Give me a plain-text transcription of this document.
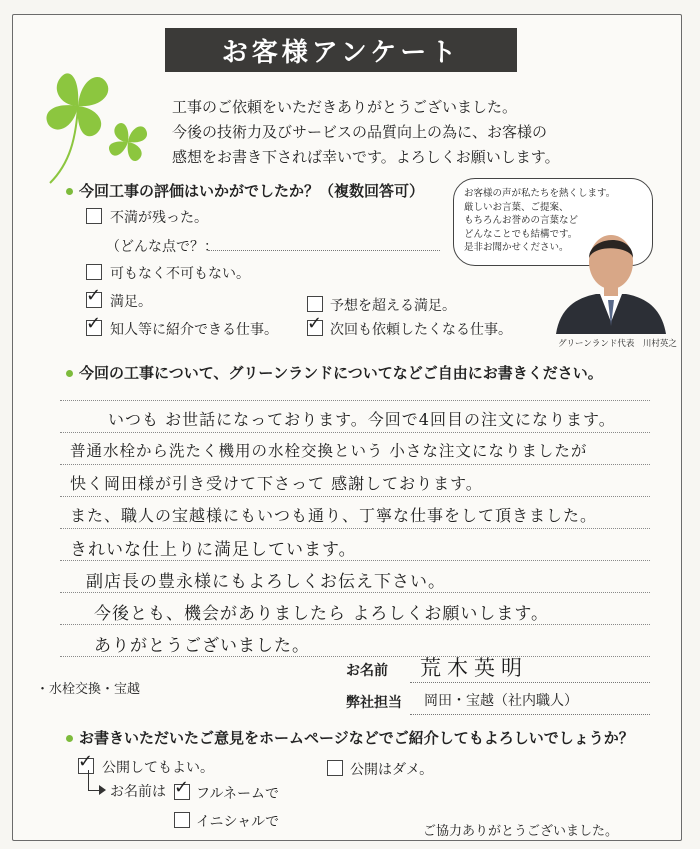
お客様アンケート
工事のご依頼をいただきありがとうございました。
今後の技術力及びサービスの品質向上の為に、お客様の
感想をお書き下されば幸いです。よろしくお願いします。
今回工事の評価はいかがでしたか？（複数回答可）
不満が残った。
（どんな点で？：
可もなく不可もない。
✓ 満足。
✓ 知人等に紹介できる仕事。
予想を超える満足。
✓ 次回も依頼したくなる仕事。
お客様の声が私たちを熱くします。
厳しいお言葉、ご提案、
もちろんお誉めの言葉など
どんなことでも結構です。
是非お聞かせください。
グリーンランド代表　川村英之
今回の工事について、グリーンランドについてなどご自由にお書きください。
いつも お世話になっております。今回で4回目の注文になります。
普通水栓から洗たく機用の水栓交換という 小さな注文になりましたが
快く岡田様が引き受けて下さって 感謝しております。
また、職人の宝越様にもいつも通り、丁寧な仕事をして頂きました。
きれいな仕上りに満足しています。
副店長の豊永様にもよろしくお伝え下さい。
今後とも、機会がありましたら よろしくお願いします。
ありがとうございました。
お名前 荒木英明
弊社担当 岡田・宝越（社内職人）
・水栓交換・宝越
お書きいただいたご意見をホームページなどでご紹介してもよろしいでしょうか？
✓ 公開してもよい。	公開はダメ。
お名前は ✓ フルネームで
イニシャルで
ご協力ありがとうございました。
